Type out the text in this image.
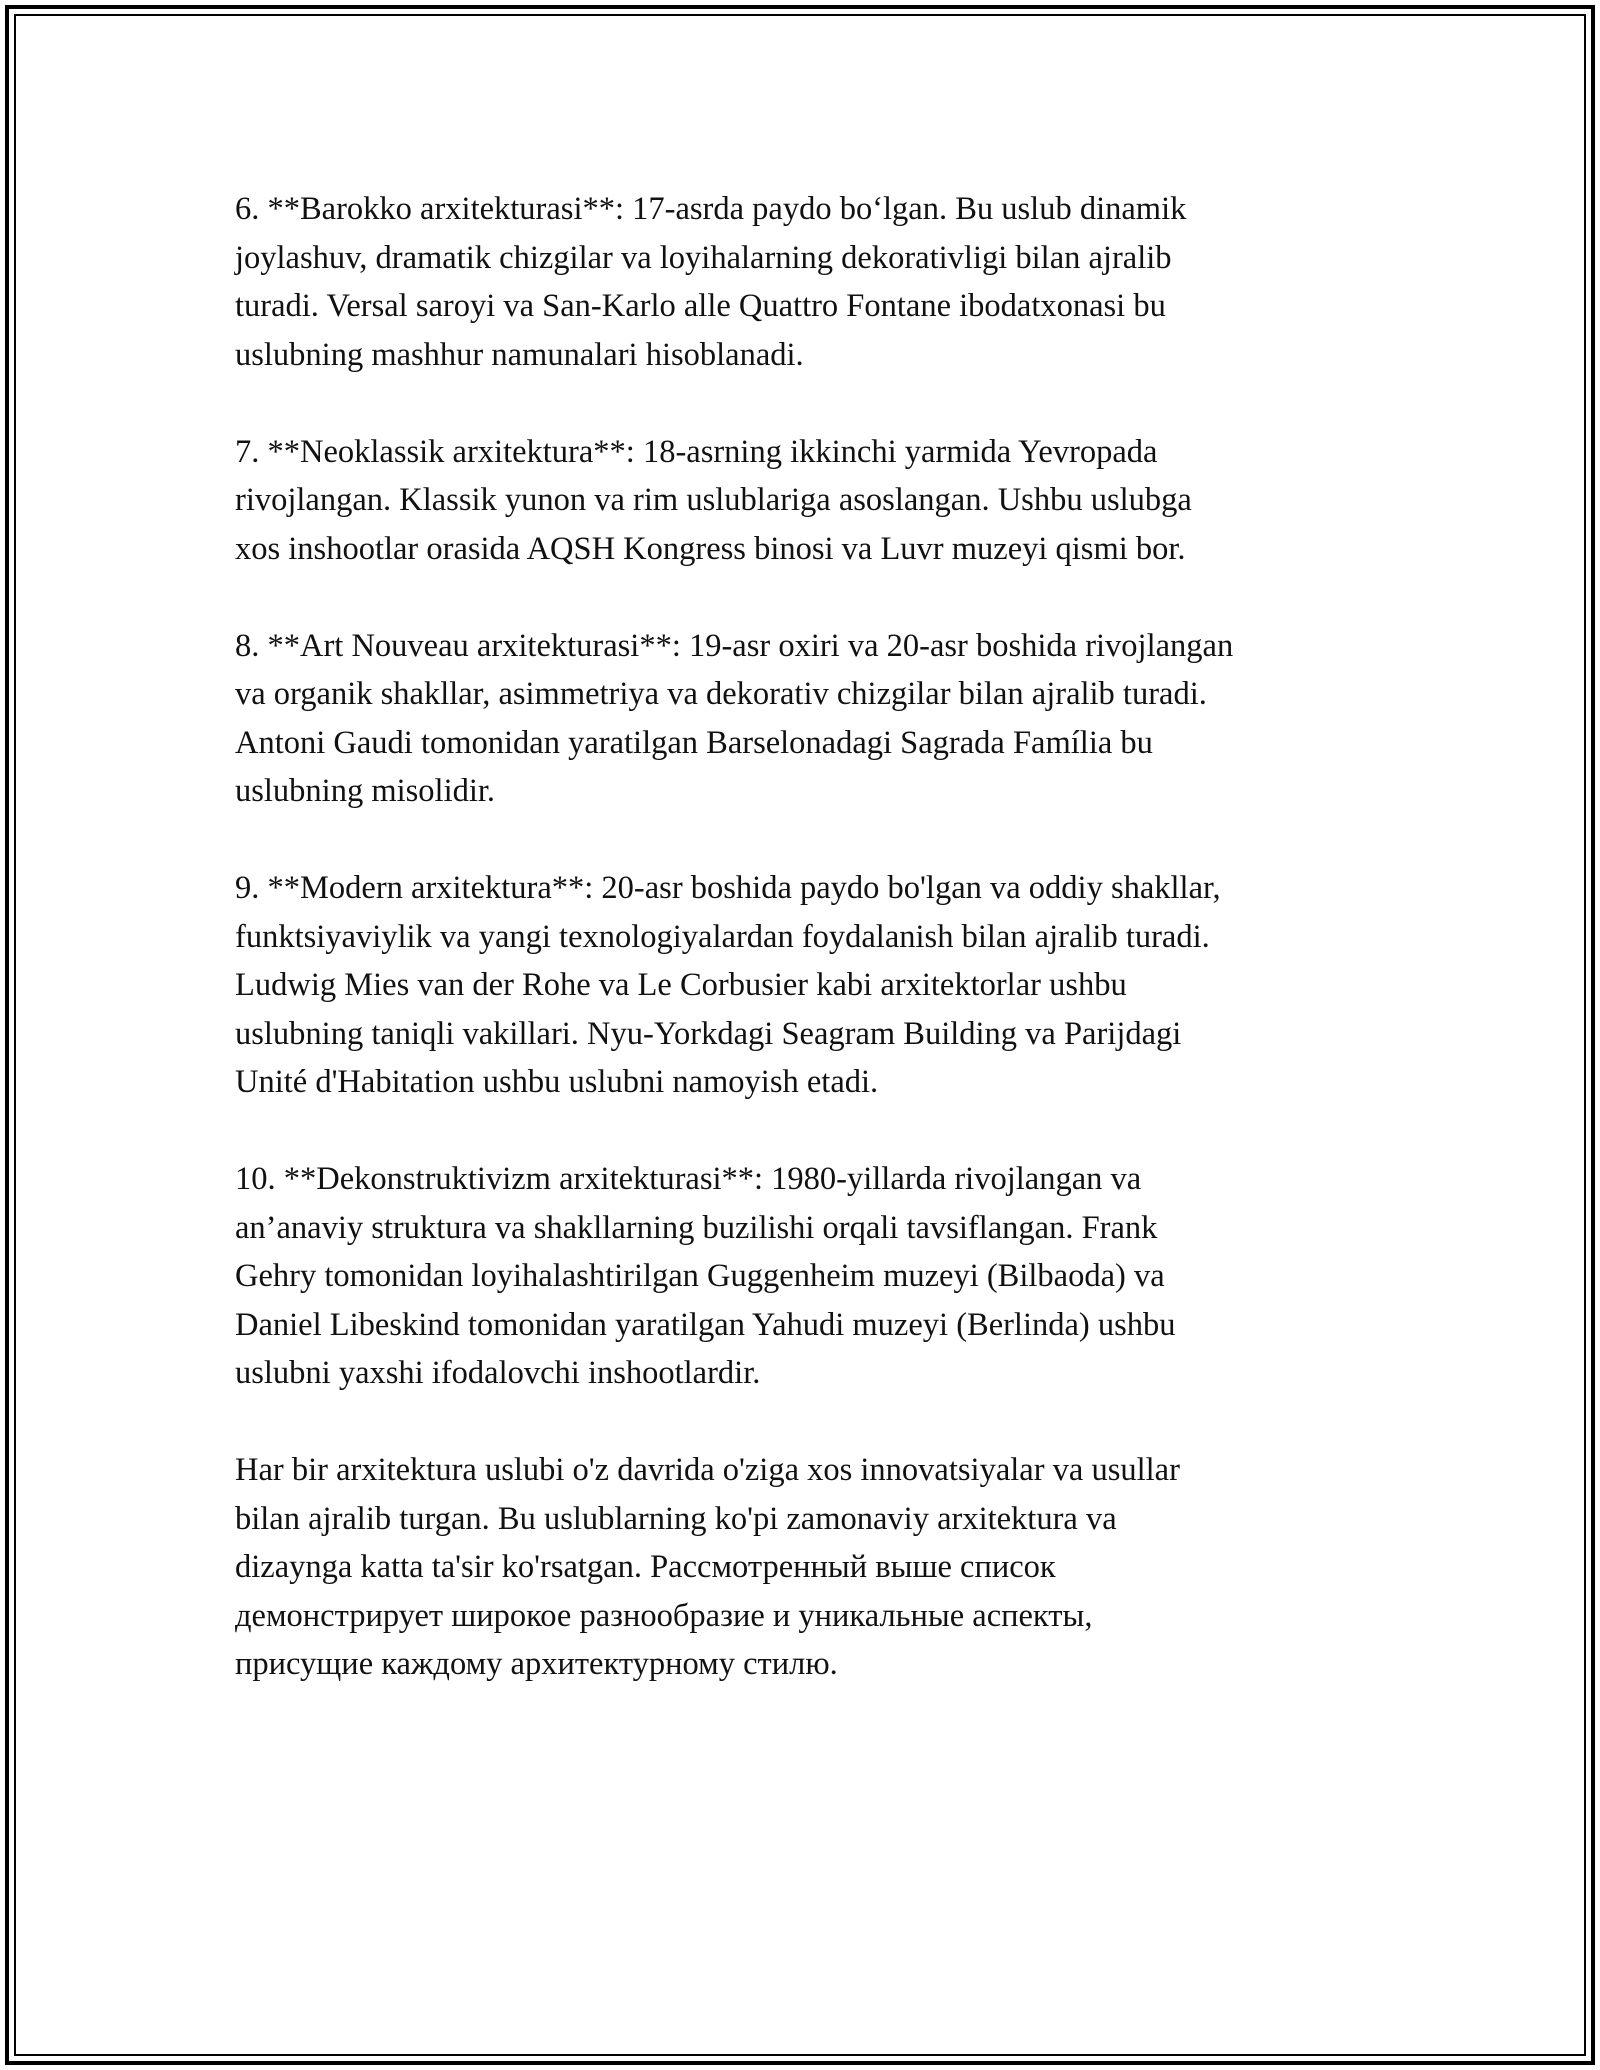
6. **Barokko arxitekturasi**: 17-asrda paydo bo‘lgan. Bu uslub dinamik
joylashuv, dramatik chizgilar va loyihalarning dekorativligi bilan ajralib
turadi. Versal saroyi va San-Karlo alle Quattro Fontane ibodatxonasi bu
uslubning mashhur namunalari hisoblanadi.

7. **Neoklassik arxitektura**: 18-asrning ikkinchi yarmida Yevropada
rivojlangan. Klassik yunon va rim uslublariga asoslangan. Ushbu uslubga
xos inshootlar orasida AQSH Kongress binosi va Luvr muzeyi qismi bor.

8. **Art Nouveau arxitekturasi**: 19-asr oxiri va 20-asr boshida rivojlangan
va organik shakllar, asimmetriya va dekorativ chizgilar bilan ajralib turadi.
Antoni Gaudi tomonidan yaratilgan Barselonadagi Sagrada Família bu
uslubning misolidir.

9. **Modern arxitektura**: 20-asr boshida paydo bo'lgan va oddiy shakllar,
funktsiyaviylik va yangi texnologiyalardan foydalanish bilan ajralib turadi.
Ludwig Mies van der Rohe va Le Corbusier kabi arxitektorlar ushbu
uslubning taniqli vakillari. Nyu-Yorkdagi Seagram Building va Parijdagi
Unité d'Habitation ushbu uslubni namoyish etadi.

10. **Dekonstruktivizm arxitekturasi**: 1980-yillarda rivojlangan va
an’anaviy struktura va shakllarning buzilishi orqali tavsiflangan. Frank
Gehry tomonidan loyihalashtirilgan Guggenheim muzeyi (Bilbaoda) va
Daniel Libeskind tomonidan yaratilgan Yahudi muzeyi (Berlinda) ushbu
uslubni yaxshi ifodalovchi inshootlardir.

Har bir arxitektura uslubi o'z davrida o'ziga xos innovatsiyalar va usullar
bilan ajralib turgan. Bu uslublarning ko'pi zamonaviy arxitektura va
dizaynga katta ta'sir ko'rsatgan. Рассмотренный выше список
демонстрирует широкое разнообразие и уникальные аспекты,
присущие каждому архитектурному стилю.
